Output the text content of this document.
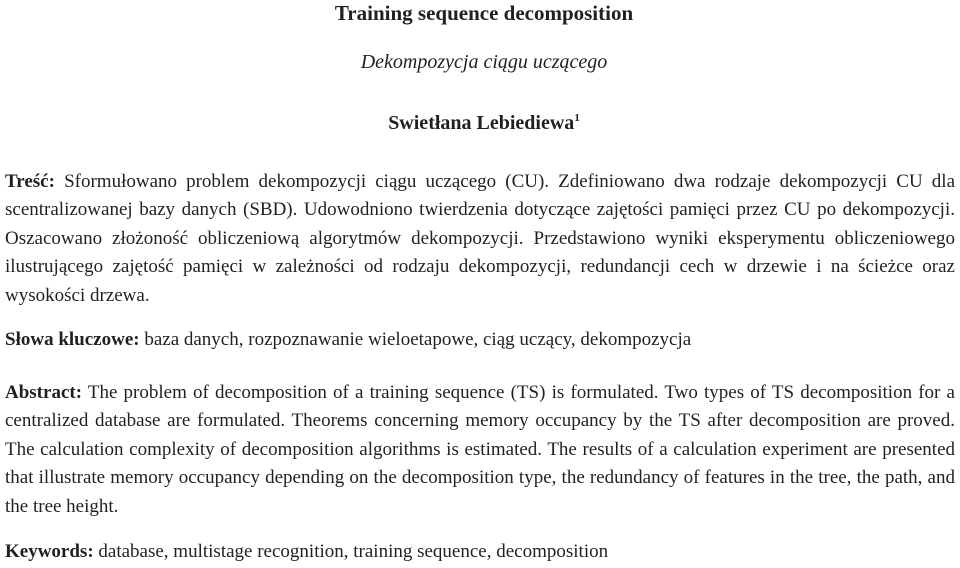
Training sequence decomposition
Dekompozycja ciągu uczącego
Swietłana Lebiediewa$^1$

Treść: Sformułowano problem dekompozycji ciągu uczącego (CU). Zdefiniowano dwa rodzaje dekompozycji CU dla scentralizowanej bazy danych (SBD). Udowodniono twierdzenia dotyczące zajętości pamięci przez CU po dekompozycji. Oszacowano złożoność obliczeniową algorytmów dekompozycji. Przedstawiono wyniki eksperymentu obliczeniowego ilustrującego zajętość pamięci w zależności od rodzaju dekompozycji, redundancji cech w drzewie i na ścieżce oraz wysokości drzewa.

Słowa kluczowe: baza danych, rozpoznawanie wieloetapowe, ciąg uczący, dekompozycja

Abstract: The problem of decomposition of a training sequence (TS) is formulated. Two types of TS decomposition for a centralized database are formulated. Theorems concerning memory occupancy by the TS after decomposition are proved. The calculation complexity of decomposition algorithms is estimated. The results of a calculation experiment are presented that illustrate memory occupancy depending on the decomposition type, the redundancy of features in the tree, the path, and the tree height.

Keywords: database, multistage recognition, training sequence, decomposition
